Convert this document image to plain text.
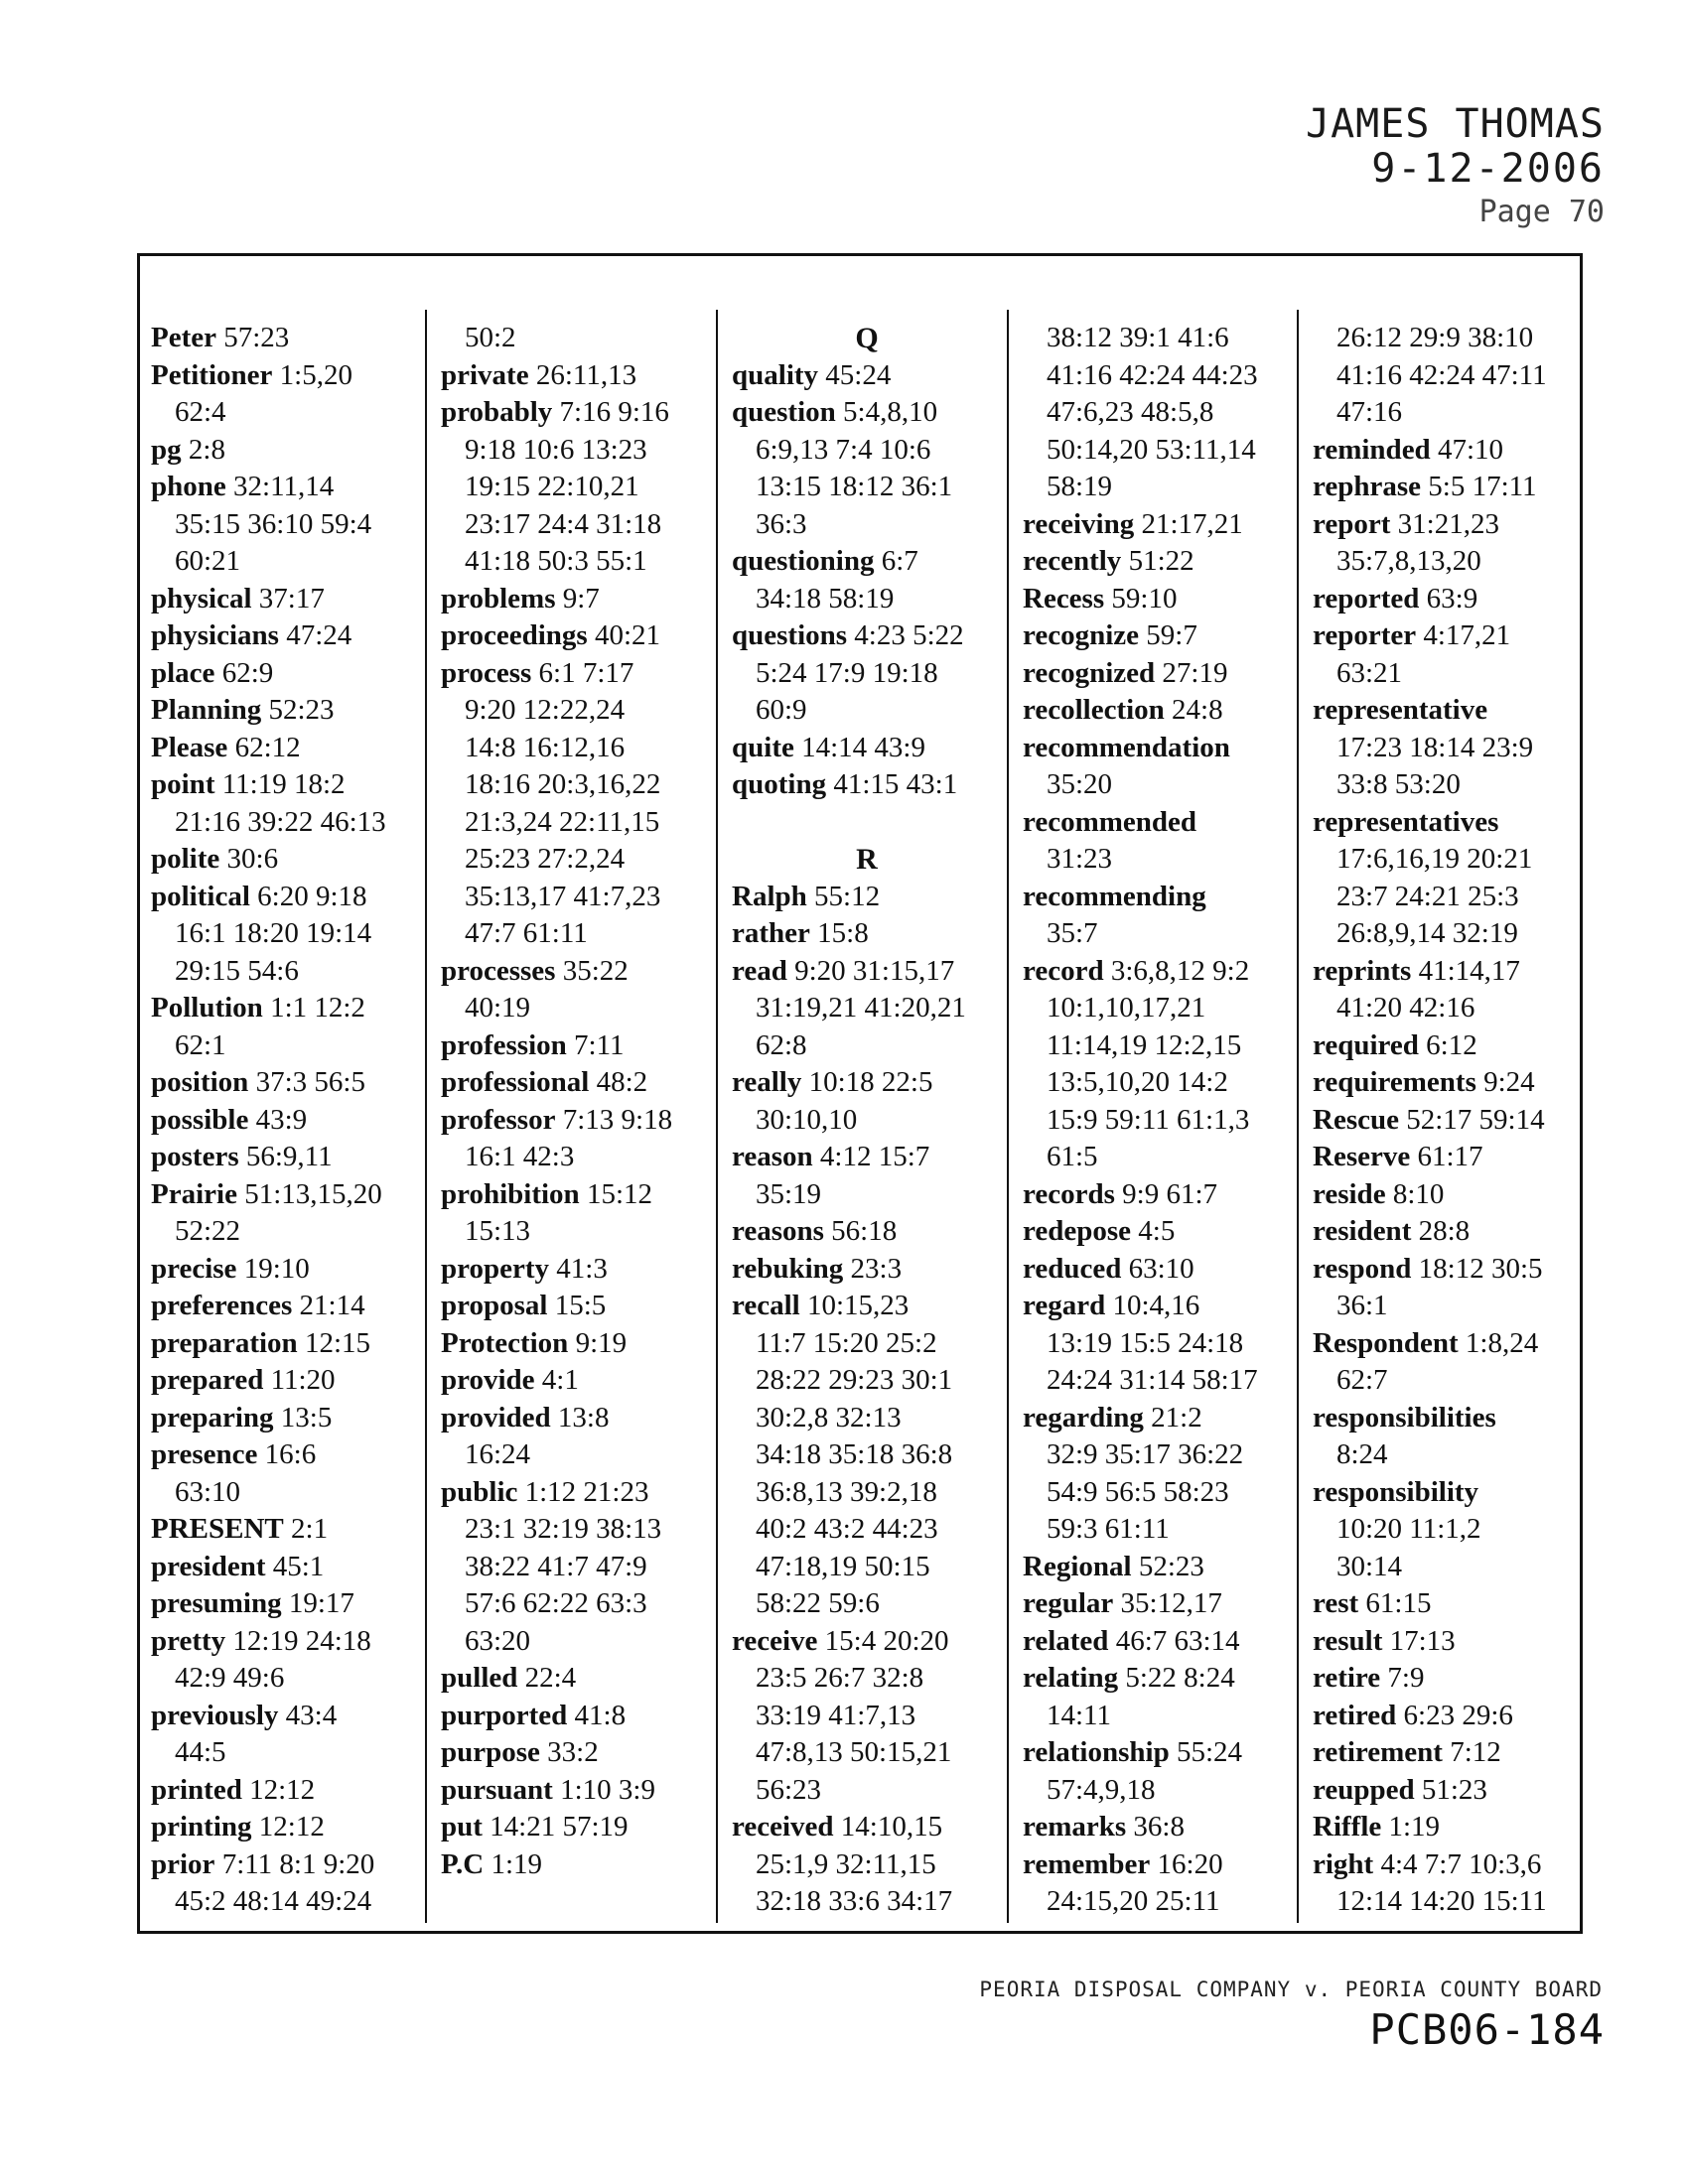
JAMES THOMAS
9-12-2006
Page 70
Peter 57:23
Petitioner 1:5,20
62:4
pg 2:8
phone 32:11,14
35:15 36:10 59:4
60:21
physical 37:17
physicians 47:24
place 62:9
Planning 52:23
Please 62:12
point 11:19 18:2
21:16 39:22 46:13
polite 30:6
political 6:20 9:18
16:1 18:20 19:14
29:15 54:6
Pollution 1:1 12:2
62:1
position 37:3 56:5
possible 43:9
posters 56:9,11
Prairie 51:13,15,20
52:22
precise 19:10
preferences 21:14
preparation 12:15
prepared 11:20
preparing 13:5
presence 16:6
63:10
PRESENT 2:1
president 45:1
presuming 19:17
pretty 12:19 24:18
42:9 49:6
previously 43:4
44:5
printed 12:12
printing 12:12
prior 7:11 8:1 9:20
45:2 48:14 49:24
50:2
private 26:11,13
probably 7:16 9:16
9:18 10:6 13:23
19:15 22:10,21
23:17 24:4 31:18
41:18 50:3 55:1
problems 9:7
proceedings 40:21
process 6:1 7:17
9:20 12:22,24
14:8 16:12,16
18:16 20:3,16,22
21:3,24 22:11,15
25:23 27:2,24
35:13,17 41:7,23
47:7 61:11
processes 35:22
40:19
profession 7:11
professional 48:2
professor 7:13 9:18
16:1 42:3
prohibition 15:12
15:13
property 41:3
proposal 15:5
Protection 9:19
provide 4:1
provided 13:8
16:24
public 1:12 21:23
23:1 32:19 38:13
38:22 41:7 47:9
57:6 62:22 63:3
63:20
pulled 22:4
purported 41:8
purpose 33:2
pursuant 1:10 3:9
put 14:21 57:19
P.C 1:19
Q
quality 45:24
question 5:4,8,10
6:9,13 7:4 10:6
13:15 18:12 36:1
36:3
questioning 6:7
34:18 58:19
questions 4:23 5:22
5:24 17:9 19:18
60:9
quite 14:14 43:9
quoting 41:15 43:1
R
Ralph 55:12
rather 15:8
read 9:20 31:15,17
31:19,21 41:20,21
62:8
really 10:18 22:5
30:10,10
reason 4:12 15:7
35:19
reasons 56:18
rebuking 23:3
recall 10:15,23
11:7 15:20 25:2
28:22 29:23 30:1
30:2,8 32:13
34:18 35:18 36:8
36:8,13 39:2,18
40:2 43:2 44:23
47:18,19 50:15
58:22 59:6
receive 15:4 20:20
23:5 26:7 32:8
33:19 41:7,13
47:8,13 50:15,21
56:23
received 14:10,15
25:1,9 32:11,15
32:18 33:6 34:17
38:12 39:1 41:6
41:16 42:24 44:23
47:6,23 48:5,8
50:14,20 53:11,14
58:19
receiving 21:17,21
recently 51:22
Recess 59:10
recognize 59:7
recognized 27:19
recollection 24:8
recommendation
35:20
recommended
31:23
recommending
35:7
record 3:6,8,12 9:2
10:1,10,17,21
11:14,19 12:2,15
13:5,10,20 14:2
15:9 59:11 61:1,3
61:5
records 9:9 61:7
redepose 4:5
reduced 63:10
regard 10:4,16
13:19 15:5 24:18
24:24 31:14 58:17
regarding 21:2
32:9 35:17 36:22
54:9 56:5 58:23
59:3 61:11
Regional 52:23
regular 35:12,17
related 46:7 63:14
relating 5:22 8:24
14:11
relationship 55:24
57:4,9,18
remarks 36:8
remember 16:20
24:15,20 25:11
26:12 29:9 38:10
41:16 42:24 47:11
47:16
reminded 47:10
rephrase 5:5 17:11
report 31:21,23
35:7,8,13,20
reported 63:9
reporter 4:17,21
63:21
representative
17:23 18:14 23:9
33:8 53:20
representatives
17:6,16,19 20:21
23:7 24:21 25:3
26:8,9,14 32:19
reprints 41:14,17
41:20 42:16
required 6:12
requirements 9:24
Rescue 52:17 59:14
Reserve 61:17
reside 8:10
resident 28:8
respond 18:12 30:5
36:1
Respondent 1:8,24
62:7
responsibilities
8:24
responsibility
10:20 11:1,2
30:14
rest 61:15
result 17:13
retire 7:9
retired 6:23 29:6
retirement 7:12
reupped 51:23
Riffle 1:19
right 4:4 7:7 10:3,6
12:14 14:20 15:11
PEORIA DISPOSAL COMPANY v. PEORIA COUNTY BOARD
PCB06-184
